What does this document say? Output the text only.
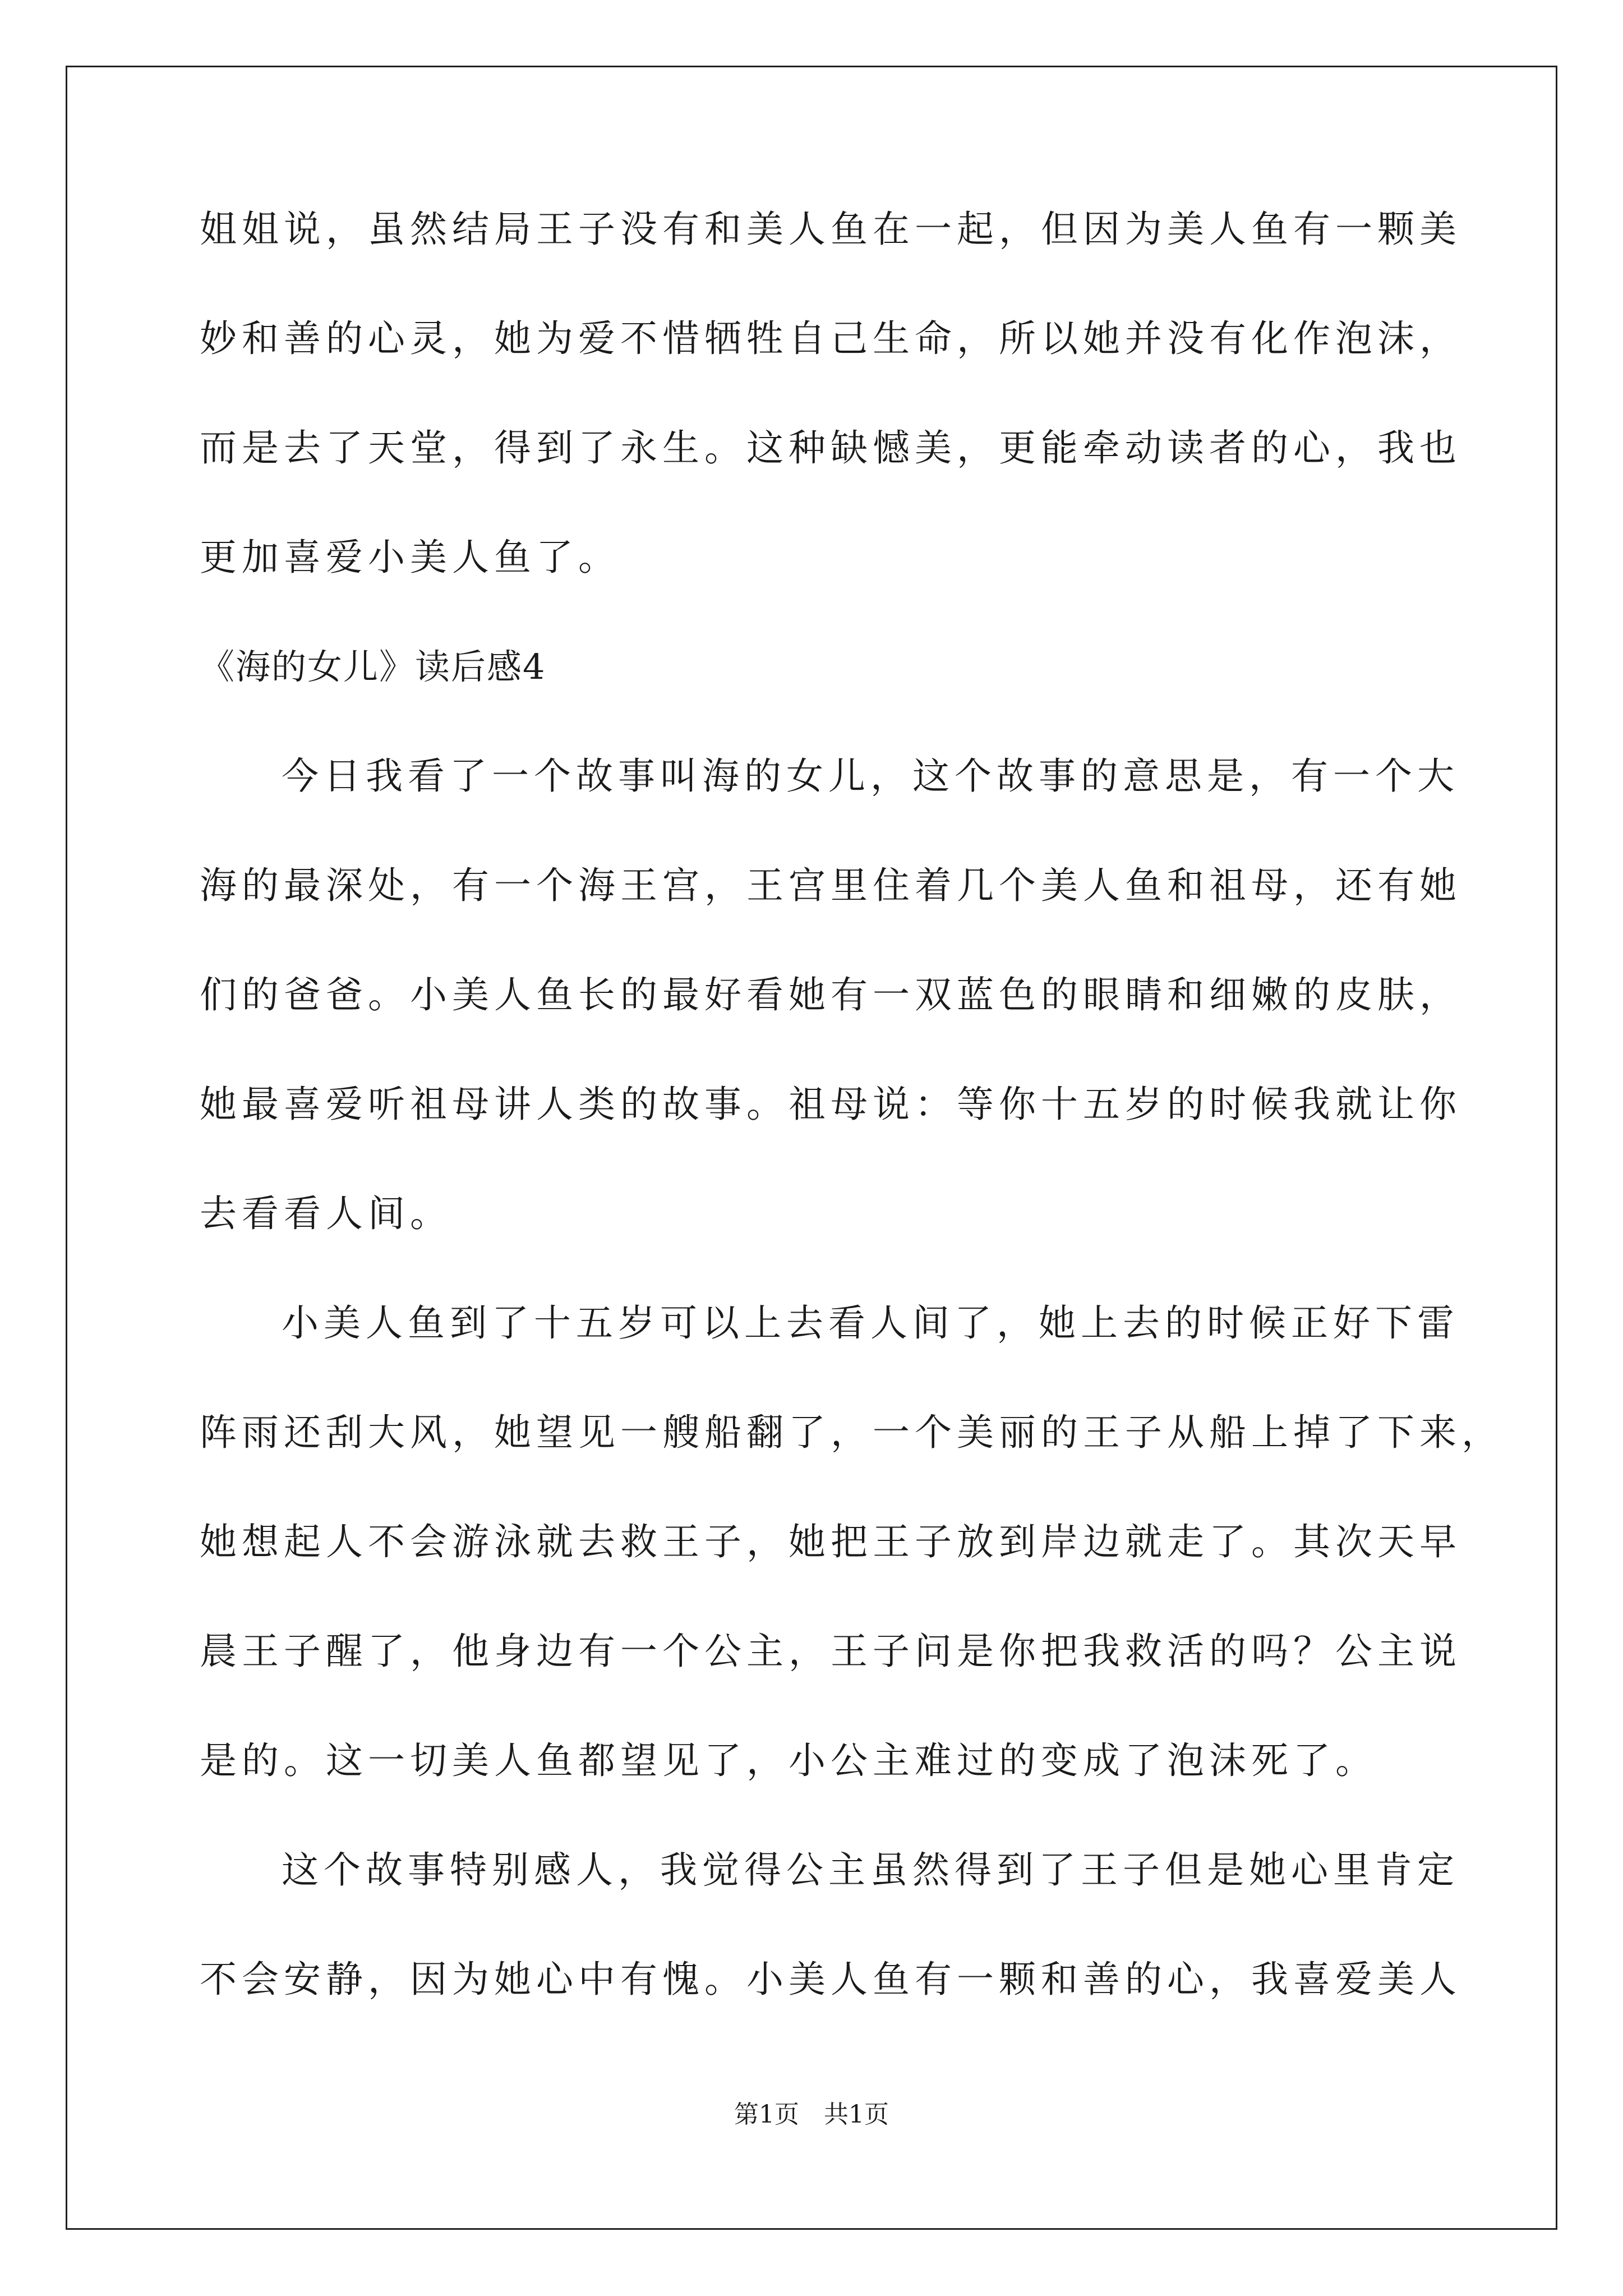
姐姐说，虽然结局王子没有和美人鱼在一起，但因为美人鱼有一颗美
妙和善的心灵，她为爱不惜牺牲自己生命，所以她并没有化作泡沫，
而是去了天堂，得到了永生。这种缺憾美，更能牵动读者的心，我也
更加喜爱小美人鱼了。
《海的女儿》读后感4
今日我看了一个故事叫海的女儿，这个故事的意思是，有一个大
海的最深处，有一个海王宫，王宫里住着几个美人鱼和祖母，还有她
们的爸爸。小美人鱼长的最好看她有一双蓝色的眼睛和细嫩的皮肤，
她最喜爱听祖母讲人类的故事。祖母说：等你十五岁的时候我就让你
去看看人间。
小美人鱼到了十五岁可以上去看人间了，她上去的时候正好下雷
阵雨还刮大风，她望见一艘船翻了，一个美丽的王子从船上掉了下来，
她想起人不会游泳就去救王子，她把王子放到岸边就走了。其次天早
晨王子醒了，他身边有一个公主，王子问是你把我救活的吗？公主说
是的。这一切美人鱼都望见了，小公主难过的变成了泡沫死了。
这个故事特别感人，我觉得公主虽然得到了王子但是她心里肯定
不会安静，因为她心中有愧。小美人鱼有一颗和善的心，我喜爱美人
第1页　共1页
